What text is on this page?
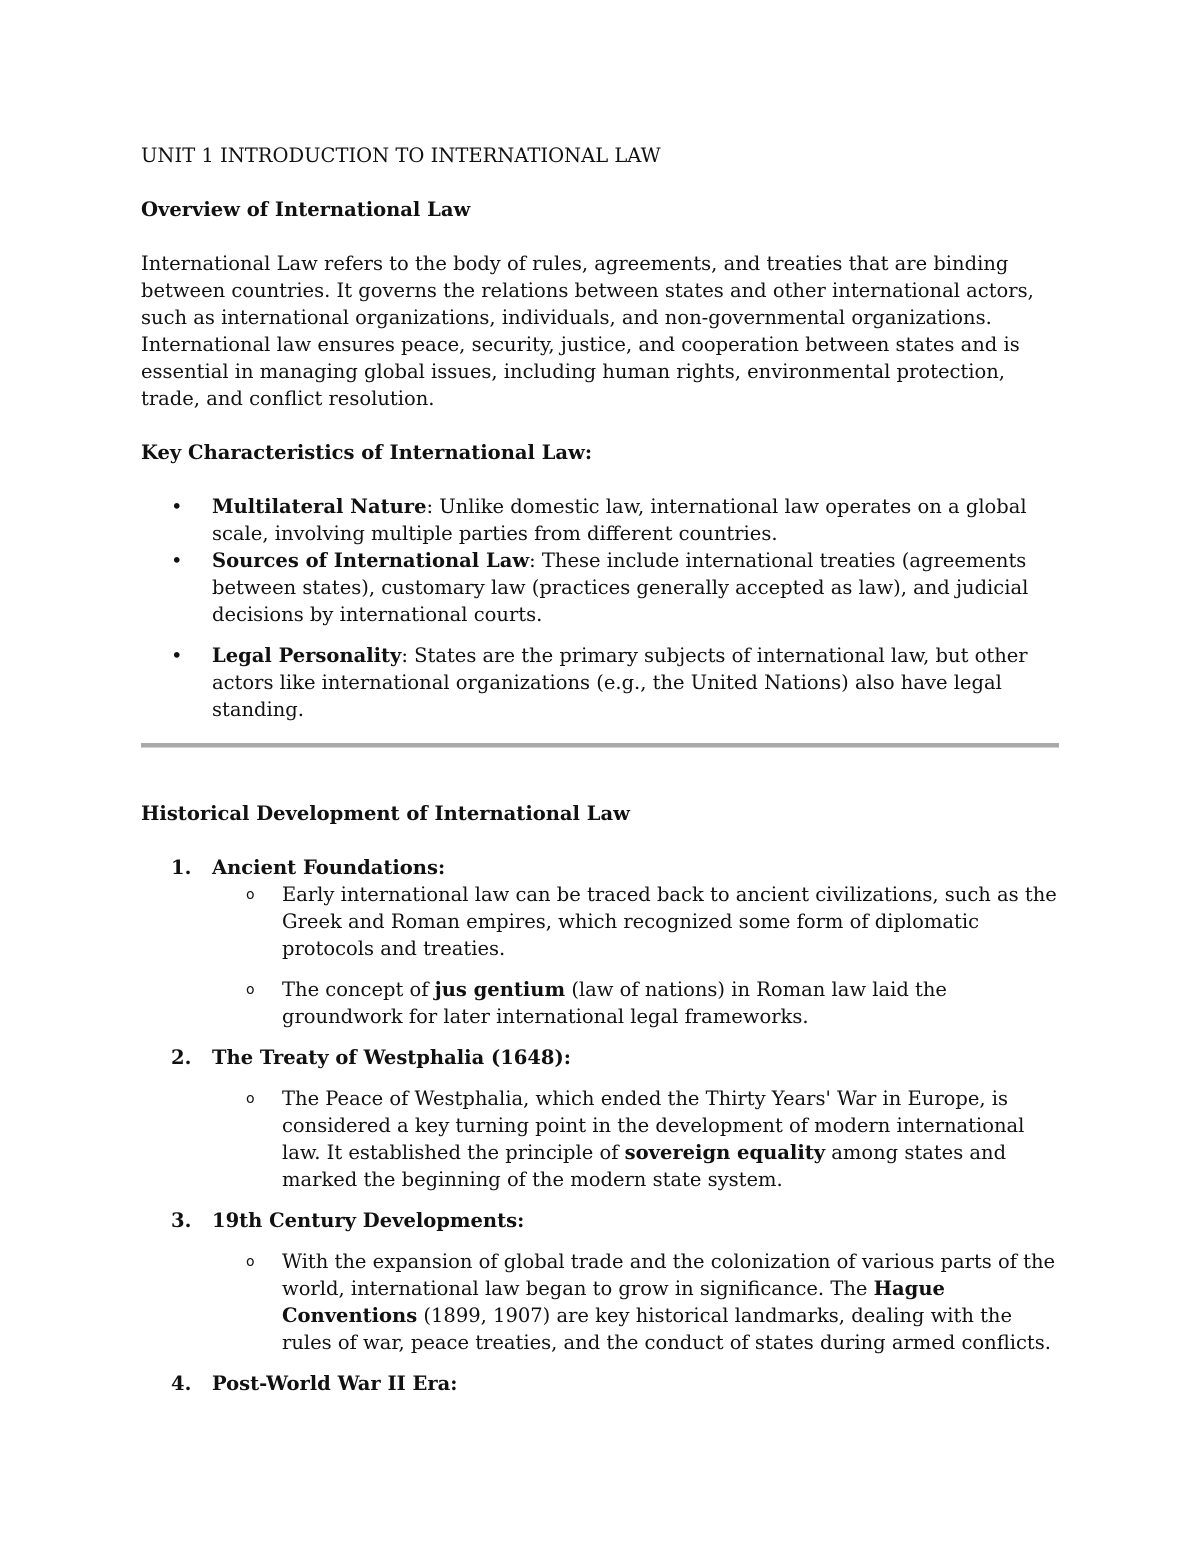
UNIT 1 INTRODUCTION TO INTERNATIONAL LAW

Overview of International Law

International Law refers to the body of rules, agreements, and treaties that are binding between countries. It governs the relations between states and other international actors, such as international organizations, individuals, and non-governmental organizations. International law ensures peace, security, justice, and cooperation between states and is essential in managing global issues, including human rights, environmental protection, trade, and conflict resolution.

Key Characteristics of International Law:

• Multilateral Nature: Unlike domestic law, international law operates on a global scale, involving multiple parties from different countries.
• Sources of International Law: These include international treaties (agreements between states), customary law (practices generally accepted as law), and judicial decisions by international courts.
• Legal Personality: States are the primary subjects of international law, but other actors like international organizations (e.g., the United Nations) also have legal standing.

Historical Development of International Law

1. Ancient Foundations:
o Early international law can be traced back to ancient civilizations, such as the Greek and Roman empires, which recognized some form of diplomatic protocols and treaties.
o The concept of jus gentium (law of nations) in Roman law laid the groundwork for later international legal frameworks.
2. The Treaty of Westphalia (1648):
o The Peace of Westphalia, which ended the Thirty Years' War in Europe, is considered a key turning point in the development of modern international law. It established the principle of sovereign equality among states and marked the beginning of the modern state system.
3. 19th Century Developments:
o With the expansion of global trade and the colonization of various parts of the world, international law began to grow in significance. The Hague Conventions (1899, 1907) are key historical landmarks, dealing with the rules of war, peace treaties, and the conduct of states during armed conflicts.
4. Post-World War II Era:
